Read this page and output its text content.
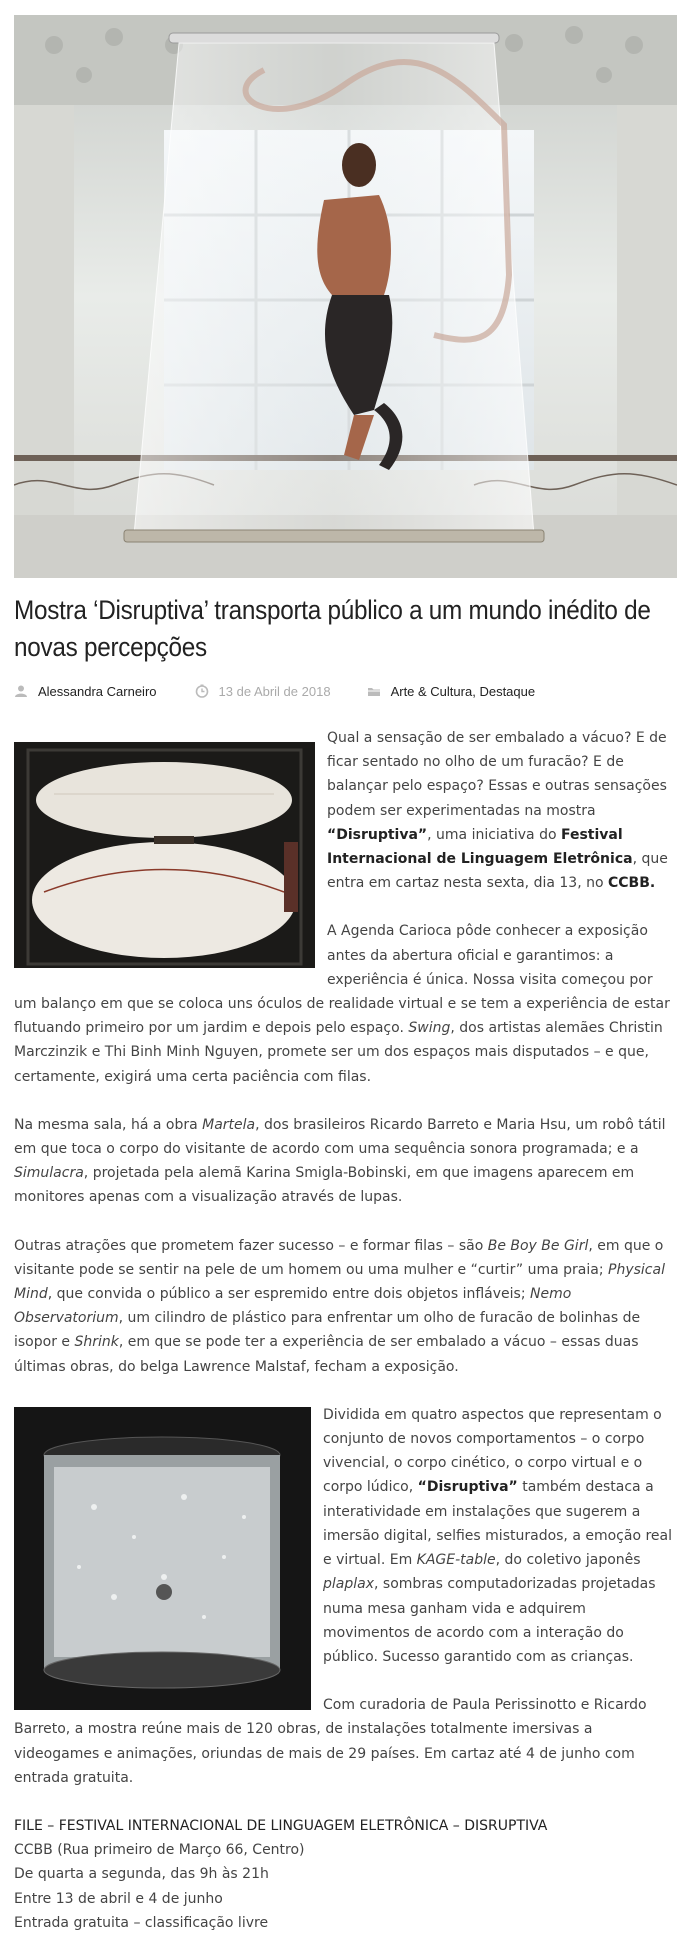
Mostra ‘Disruptiva’ transporta público a um mundo inédito de novas percepções
Alessandra Carneiro	13 de Abril de 2018	Arte & Cultura, Destaque

Qual a sensação de ser embalado a vácuo? E de ficar sentado no olho de um furacão? E de balançar pelo espaço? Essas e outras sensações podem ser experimentadas na mostra “Disruptiva”, uma iniciativa do Festival Internacional de Linguagem Eletrônica, que entra em cartaz nesta sexta, dia 13, no CCBB.

A Agenda Carioca pôde conhecer a exposição antes da abertura oficial e garantimos: a experiência é única. Nossa visita começou por um balanço em que se coloca uns óculos de realidade virtual e se tem a experiência de estar flutuando primeiro por um jardim e depois pelo espaço. Swing, dos artistas alemães Christin Marczinzik e Thi Binh Minh Nguyen, promete ser um dos espaços mais disputados – e que, certamente, exigirá uma certa paciência com filas.

Na mesma sala, há a obra Martela, dos brasileiros Ricardo Barreto e Maria Hsu, um robô tátil em que toca o corpo do visitante de acordo com uma sequência sonora programada; e a Simulacra, projetada pela alemã Karina Smigla-Bobinski, em que imagens aparecem em monitores apenas com a visualização através de lupas.

Outras atrações que prometem fazer sucesso – e formar filas – são Be Boy Be Girl, em que o visitante pode se sentir na pele de um homem ou uma mulher e “curtir” uma praia; Physical Mind, que convida o público a ser espremido entre dois objetos infláveis; Nemo Observatorium, um cilindro de plástico para enfrentar um olho de furacão de bolinhas de isopor e Shrink, em que se pode ter a experiência de ser embalado a vácuo – essas duas últimas obras, do belga Lawrence Malstaf, fecham a exposição.

Dividida em quatro aspectos que representam o conjunto de novos comportamentos – o corpo vivencial, o corpo cinético, o corpo virtual e o corpo lúdico, “Disruptiva” também destaca a interatividade em instalações que sugerem a imersão digital, selfies misturados, a emoção real e virtual. Em KAGE-table, do coletivo japonês plaplax, sombras computadorizadas projetadas numa mesa ganham vida e adquirem movimentos de acordo com a interação do público. Sucesso garantido com as crianças.

Com curadoria de Paula Perissinotto e Ricardo Barreto, a mostra reúne mais de 120 obras, de instalações totalmente imersivas a videogames e animações, oriundas de mais de 29 países. Em cartaz até 4 de junho com entrada gratuita.

FILE – FESTIVAL INTERNACIONAL DE LINGUAGEM ELETRÔNICA – DISRUPTIVA
CCBB (Rua primeiro de Março 66, Centro)
De quarta a segunda, das 9h às 21h
Entre 13 de abril e 4 de junho
Entrada gratuita – classificação livre
